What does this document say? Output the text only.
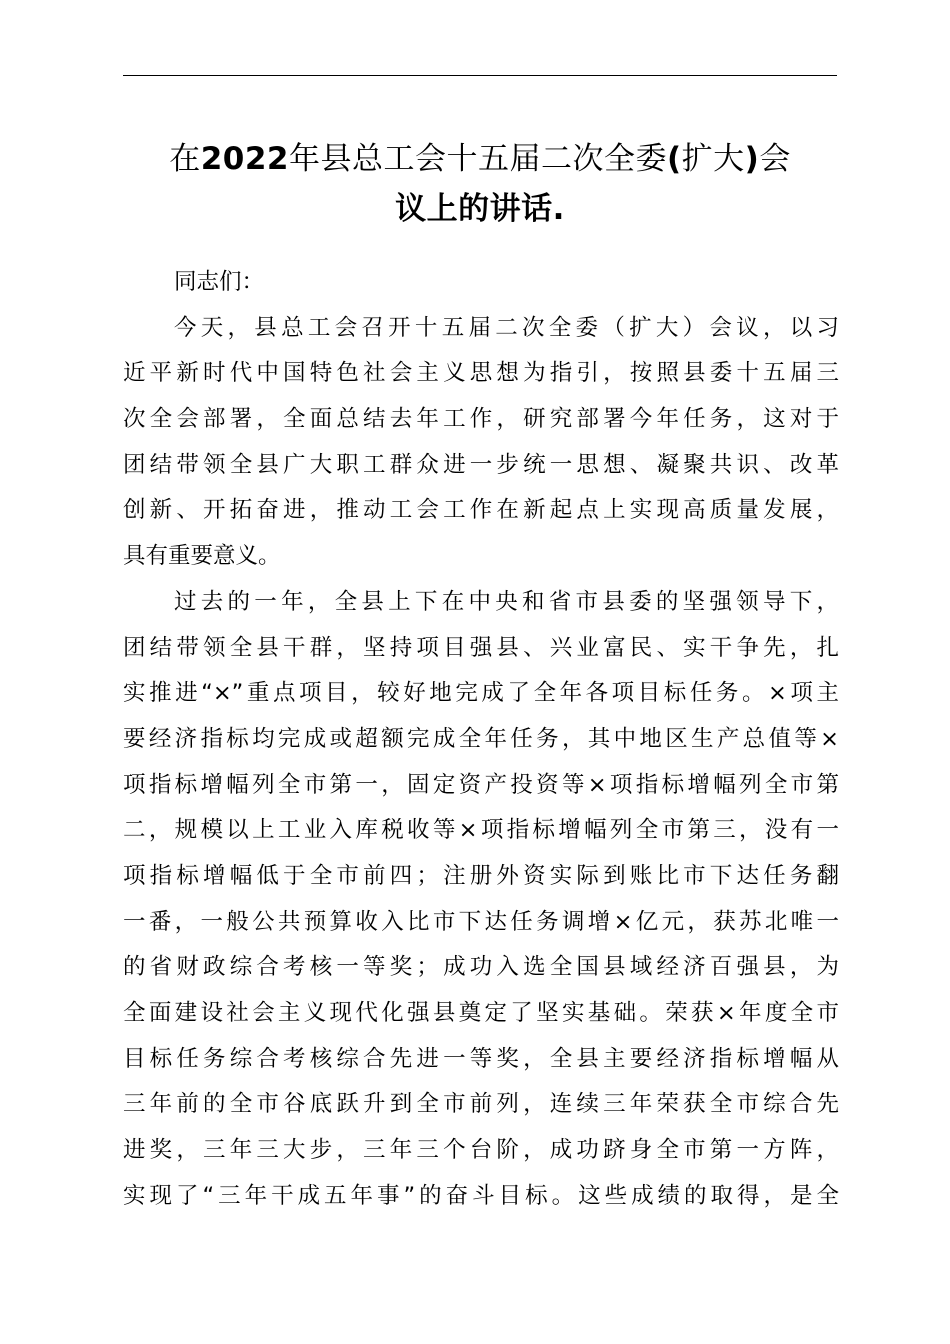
在2022年县总工会十五届二次全委(扩大)会
议上的讲话.
同志们：
今天，县总工会召开十五届二次全委（扩大）会议，以习
近平新时代中国特色社会主义思想为指引，按照县委十五届三
次全会部署，全面总结去年工作，研究部署今年任务，这对于
团结带领全县广大职工群众进一步统一思想、凝聚共识、改革
创新、开拓奋进，推动工会工作在新起点上实现高质量发展，
具有重要意义。
过去的一年，全县上下在中央和省市县委的坚强领导下，
团结带领全县干群，坚持项目强县、兴业富民、实干争先，扎
实推进“×”重点项目，较好地完成了全年各项目标任务。×项主
要经济指标均完成或超额完成全年任务，其中地区生产总值等×
项指标增幅列全市第一，固定资产投资等×项指标增幅列全市第
二，规模以上工业入库税收等×项指标增幅列全市第三，没有一
项指标增幅低于全市前四；注册外资实际到账比市下达任务翻
一番，一般公共预算收入比市下达任务调增×亿元，获苏北唯一
的省财政综合考核一等奖；成功入选全国县域经济百强县，为
全面建设社会主义现代化强县奠定了坚实基础。荣获×年度全市
目标任务综合考核综合先进一等奖，全县主要经济指标增幅从
三年前的全市谷底跃升到全市前列，连续三年荣获全市综合先
进奖，三年三大步，三年三个台阶，成功跻身全市第一方阵，
实现了“三年干成五年事”的奋斗目标。这些成绩的取得，是全
